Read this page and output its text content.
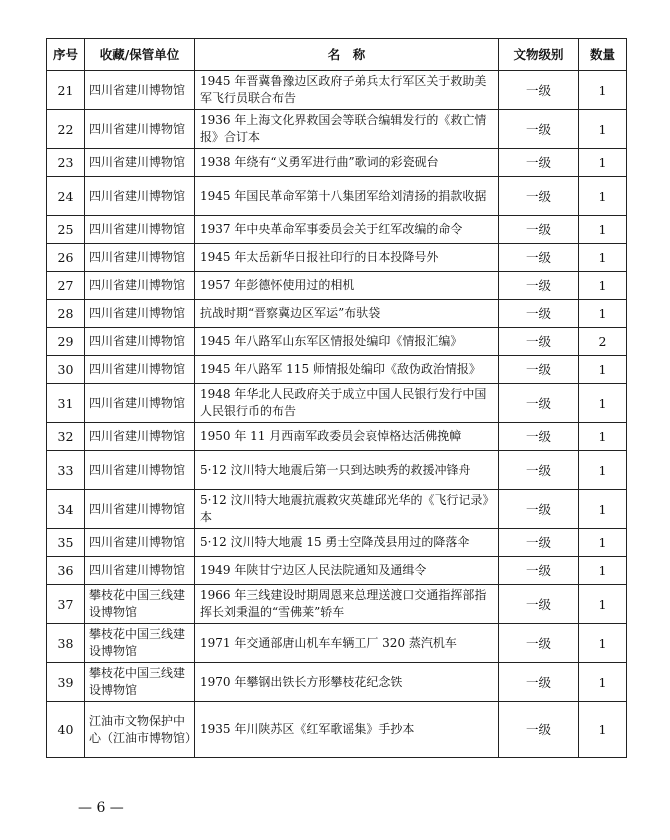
序号	收藏/保管单位	名　称	文物级别	数量
21	四川省建川博物馆	1945 年晋冀鲁豫边区政府子弟兵太行军区关于救助美军飞行员联合布告	一级	1
22	四川省建川博物馆	1936 年上海文化界救国会等联合编辑发行的《救亡情报》合订本	一级	1
23	四川省建川博物馆	1938 年绕有“义勇军进行曲”歌词的彩瓷砚台	一级	1
24	四川省建川博物馆	1945 年国民革命军第十八集团军给刘清扬的捐款收据	一级	1
25	四川省建川博物馆	1937 年中央革命军事委员会关于红军改编的命令	一级	1
26	四川省建川博物馆	1945 年太岳新华日报社印行的日本投降号外	一级	1
27	四川省建川博物馆	1957 年彭德怀使用过的相机	一级	1
28	四川省建川博物馆	抗战时期“晋察冀边区军运”布驮袋	一级	1
29	四川省建川博物馆	1945 年八路军山东军区情报处编印《情报汇编》	一级	2
30	四川省建川博物馆	1945 年八路军 115 师情报处编印《敌伪政治情报》	一级	1
31	四川省建川博物馆	1948 年华北人民政府关于成立中国人民银行发行中国人民银行币的布告	一级	1
32	四川省建川博物馆	1950 年 11 月西南军政委员会哀悼格达活佛挽幛	一级	1
33	四川省建川博物馆	5·12 汶川特大地震后第一只到达映秀的救援冲锋舟	一级	1
34	四川省建川博物馆	5·12 汶川特大地震抗震救灾英雄邱光华的《飞行记录》本	一级	1
35	四川省建川博物馆	5·12 汶川特大地震 15 勇士空降茂县用过的降落伞	一级	1
36	四川省建川博物馆	1949 年陕甘宁边区人民法院通知及通缉令	一级	1
37	攀枝花中国三线建设博物馆	1966 年三线建设时期周恩来总理送渡口交通指挥部指挥长刘秉温的“雪佛莱”轿车	一级	1
38	攀枝花中国三线建设博物馆	1971 年交通部唐山机车车辆工厂 320 蒸汽机车	一级	1
39	攀枝花中国三线建设博物馆	1970 年攀钢出铁长方形攀枝花纪念铁	一级	1
40	江油市文物保护中心（江油市博物馆）	1935 年川陕苏区《红军歌谣集》手抄本	一级	1
— 6 —
